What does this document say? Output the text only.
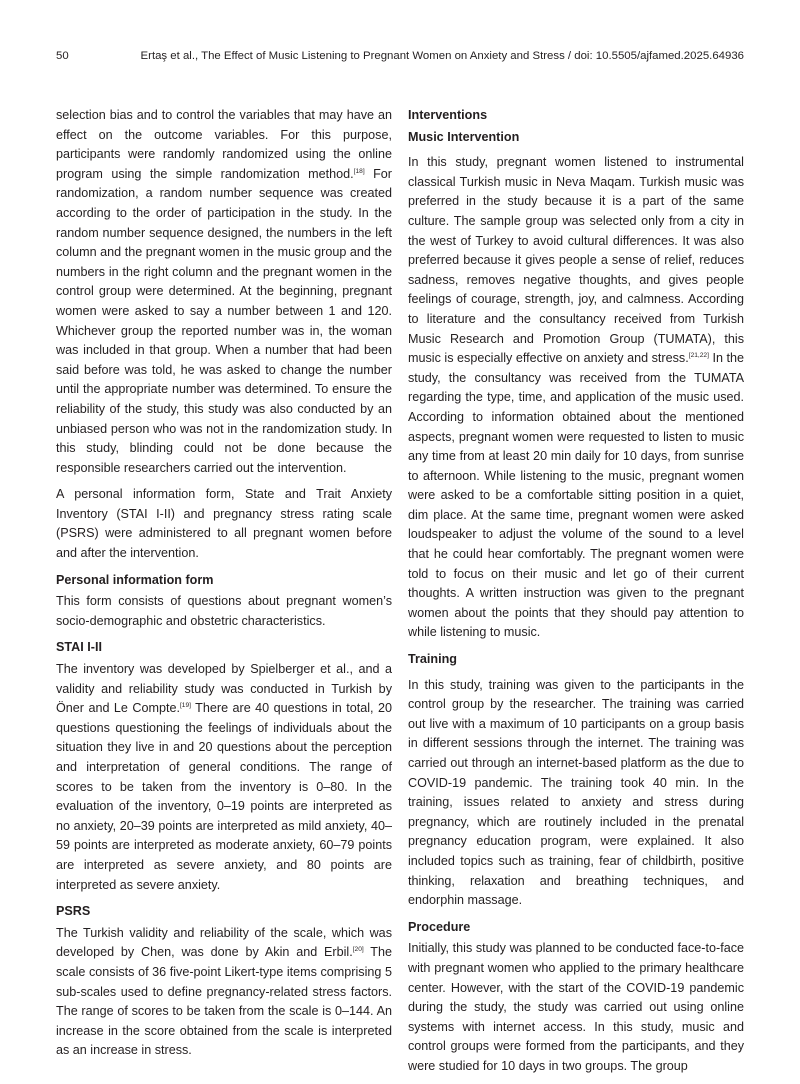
50	Ertaş et al., The Effect of Music Listening to Pregnant Women on Anxiety and Stress / doi: 10.5505/ajfamed.2025.64936

selection bias and to control the variables that may have an effect on the outcome variables. For this purpose, participants were randomly randomized using the online program using the simple randomization method.[18] For randomization, a random number sequence was created according to the order of participation in the study. In the random number sequence designed, the numbers in the left column and the pregnant women in the music group and the numbers in the right column and the pregnant women in the control group were determined. At the beginning, pregnant women were asked to say a number between 1 and 120. Whichever group the reported number was in, the woman was included in that group. When a number that had been said before was told, he was asked to change the number until the appropriate number was determined. To ensure the reliability of the study, this study was also conducted by an unbiased person who was not in the randomization study. In this study, blinding could not be done because the responsible researchers carried out the intervention.

A personal information form, State and Trait Anxiety Inventory (STAI I-II) and pregnancy stress rating scale (PSRS) were administered to all pregnant women before and after the intervention.

Personal information form

This form consists of questions about pregnant women’s socio-demographic and obstetric characteristics.

STAI I-II

The inventory was developed by Spielberger et al., and a validity and reliability study was conducted in Turkish by Öner and Le Compte.[19] There are 40 questions in total, 20 questions questioning the feelings of individuals about the situation they live in and 20 questions about the perception and interpretation of general conditions. The range of scores to be taken from the inventory is 0–80. In the evaluation of the inventory, 0–19 points are interpreted as no anxiety, 20–39 points are interpreted as mild anxiety, 40–59 points are interpreted as moderate anxiety, 60–79 points are interpreted as severe anxiety, and 80 points are interpreted as severe anxiety.

PSRS

The Turkish validity and reliability of the scale, which was developed by Chen, was done by Akin and Erbil.[20] The scale consists of 36 five-point Likert-type items comprising 5 sub-scales used to define pregnancy-related stress factors. The range of scores to be taken from the scale is 0–144. An increase in the score obtained from the scale is interpreted as an increase in stress.

Interventions
Music Intervention

In this study, pregnant women listened to instrumental classical Turkish music in Neva Maqam. Turkish music was preferred in the study because it is a part of the same culture. The sample group was selected only from a city in the west of Turkey to avoid cultural differences. It was also preferred because it gives people a sense of relief, reduces sadness, removes negative thoughts, and gives people feelings of courage, strength, joy, and calmness. According to literature and the consultancy received from Turkish Music Research and Promotion Group (TUMATA), this music is especially effective on anxiety and stress.[21,22] In the study, the consultancy was received from the TUMATA regarding the type, time, and application of the music used. According to information obtained about the mentioned aspects, pregnant women were requested to listen to music any time from at least 20 min daily for 10 days, from sunrise to afternoon. While listening to the music, pregnant women were asked to be a comfortable sitting position in a quiet, dim place. At the same time, pregnant women were asked loudspeaker to adjust the volume of the sound to a level that he could hear comfortably. The pregnant women were told to focus on their music and let go of their current thoughts. A written instruction was given to the pregnant women about the points that they should pay attention to while listening to music.

Training

In this study, training was given to the participants in the control group by the researcher. The training was carried out live with a maximum of 10 participants on a group basis in different sessions through the internet. The training was carried out through an internet-based platform as the due to COVID-19 pandemic. The training took 40 min. In the training, issues related to anxiety and stress during pregnancy, which are routinely included in the prenatal pregnancy education program, were explained. It also included topics such as training, fear of childbirth, positive thinking, relaxation and breathing techniques, and endorphin massage.

Procedure

Initially, this study was planned to be conducted face-to-face with pregnant women who applied to the primary healthcare center. However, with the start of the COVID-19 pandemic during the study, the study was carried out using online systems with internet access. In this study, music and control groups were formed from the participants, and they were studied for 10 days in two groups. The group
